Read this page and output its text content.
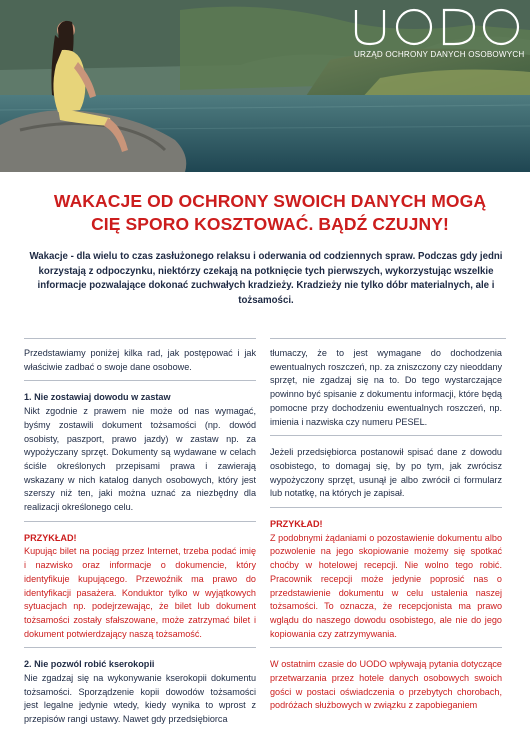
URZĄD OCHRONY DANYCH OSOBOWYCH
WAKACJE OD OCHRONY SWOICH DANYCH MOGĄ CIĘ SPORO KOSZTOWAĆ. BĄDŹ CZUJNY!

Wakacje - dla wielu to czas zasłużonego relaksu i oderwania od codziennych spraw. Podczas gdy jedni korzystają z odpoczynku, niektórzy czekają na potknięcie tych pierwszych, wykorzystując wszelkie informacje pozwalające dokonać zuchwałych kradzieży. Kradzieży nie tylko dóbr materialnych, ale i tożsamości.

Przedstawiamy poniżej kilka rad, jak postępować i jak właściwie zadbać o swoje dane osobowe.

1. Nie zostawiaj dowodu w zastaw

Nikt zgodnie z prawem nie może od nas wymagać, byśmy zostawili dokument tożsamości (np. dowód osobisty, paszport, prawo jazdy) w zastaw np. za wypożyczany sprzęt. Dokumenty są wydawane w celach ściśle określonych przepisami prawa i zawierają wskazany w nich katalog danych osobowych, który jest szerszy niż ten, jaki można uznać za niezbędny dla realizacji określonego celu.

PRZYKŁAD!

Kupując bilet na pociąg przez Internet, trzeba podać imię i nazwisko oraz informacje o dokumencie, który identyfikuje kupującego. Przewoźnik ma prawo do identyfikacji pasażera. Konduktor tylko w wyjątkowych sytuacjach np. podejrzewając, że bilet lub dokument tożsamości zostały sfałszowane, może zatrzymać bilet i dokument potwierdzający naszą tożsamość.

2. Nie pozwól robić kserokopii

Nie zgadzaj się na wykonywanie kserokopii dokumentu tożsamości. Sporządzenie kopii dowodów tożsamości jest legalne jedynie wtedy, kiedy wynika to wprost z przepisów rangi ustawy. Nawet gdy przedsiębiorca

tłumaczy, że to jest wymagane do dochodzenia ewentualnych roszczeń, np. za zniszczony czy nieoddany sprzęt, nie zgadzaj się na to. Do tego wystarczające powinno być spisanie z dokumentu informacji, które będą pomocne przy dochodzeniu ewentualnych roszczeń, np. imienia i nazwiska czy numeru PESEL.

Jeżeli przedsiębiorca postanowił spisać dane z dowodu osobistego, to domagaj się, by po tym, jak zwrócisz wypożyczony sprzęt, usunął je albo zwrócił ci formularz lub notatkę, na których je zapisał.

PRZYKŁAD!

Z podobnymi żądaniami o pozostawienie dokumentu albo pozwolenie na jego skopiowanie możemy się spotkać choćby w hotelowej recepcji. Nie wolno tego robić. Pracownik recepcji może jedynie poprosić nas o przedstawienie dokumentu w celu ustalenia naszej tożsamości. To oznacza, że recepcjonista ma prawo wglądu do naszego dowodu osobistego, ale nie do jego kopiowania czy zatrzymywania.

W ostatnim czasie do UODO wpływają pytania dotyczące przetwarzania przez hotele danych osobowych swoich gości w postaci oświadczenia o przebytych chorobach, podróżach służbowych w związku z zapobieganiem
